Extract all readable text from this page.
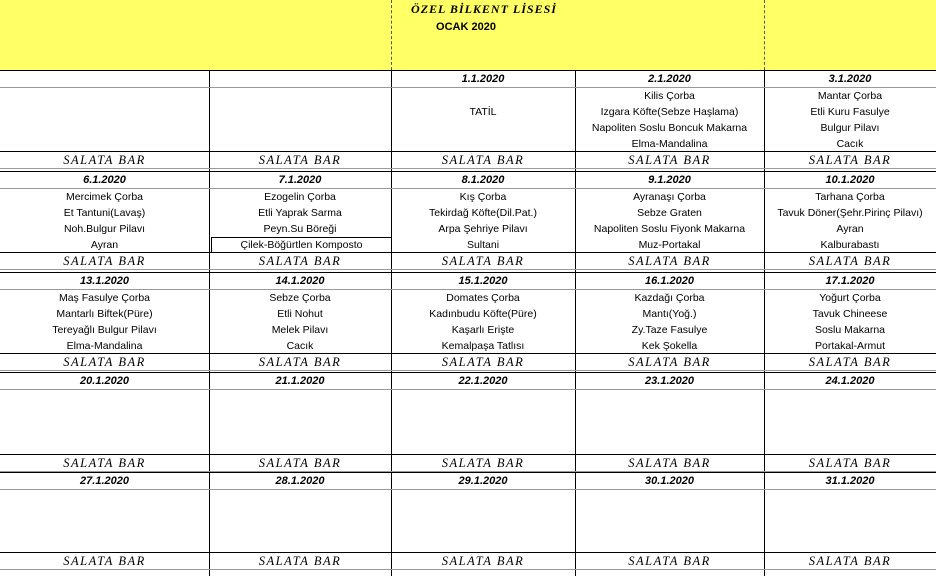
ÖZEL BİLKENT LİSESİ
OCAK 2020
SALATA BAR	SALATA BAR
1.1.2020
TATİL
SALATA BAR
2.1.2020
Kilis Çorba
Izgara Köfte(Sebze Haşlama)
Napoliten Soslu Boncuk Makarna
Elma-Mandalina
SALATA BAR
3.1.2020
Mantar Çorba
Etli Kuru Fasulye
Bulgur Pilavı
Cacık
SALATA BAR
6.1.2020
Mercimek Çorba
Et Tantuni(Lavaş)
Noh.Bulgur Pilavı
Ayran
SALATA BAR
7.1.2020
Ezogelin Çorba
Etli Yaprak Sarma
Peyn.Su Böreği
Çilek-Böğürtlen Komposto
SALATA BAR
8.1.2020
Kış Çorba
Tekirdağ Köfte(Dil.Pat.)
Arpa Şehriye Pilavı
Sultani
SALATA BAR
9.1.2020
Ayranaşı Çorba
Sebze Graten
Napoliten Soslu Fiyonk Makarna
Muz-Portakal
SALATA BAR
10.1.2020
Tarhana Çorba
Tavuk Döner(Şehr.Pirinç Pilavı)
Ayran
Kalburabastı
SALATA BAR
13.1.2020
Maş Fasulye Çorba
Mantarlı Biftek(Püre)
Tereyağlı Bulgur Pilavı
Elma-Mandalina
SALATA BAR
14.1.2020
Sebze Çorba
Etli Nohut
Melek Pilavı
Cacık
SALATA BAR
15.1.2020
Domates Çorba
Kadınbudu Köfte(Püre)
Kaşarlı Erişte
Kemalpaşa Tatlısı
SALATA BAR
16.1.2020
Kazdağı Çorba
Mantı(Yoğ.)
Zy.Taze Fasulye
Kek Şokella
SALATA BAR
17.1.2020
Yoğurt Çorba
Tavuk Chineese
Soslu Makarna
Portakal-Armut
SALATA BAR
20.1.2020
SALATA BAR
21.1.2020
SALATA BAR
22.1.2020
SALATA BAR
23.1.2020
SALATA BAR
24.1.2020
SALATA BAR
27.1.2020
SALATA BAR
28.1.2020
SALATA BAR
29.1.2020
SALATA BAR
30.1.2020
SALATA BAR
31.1.2020
SALATA BAR
